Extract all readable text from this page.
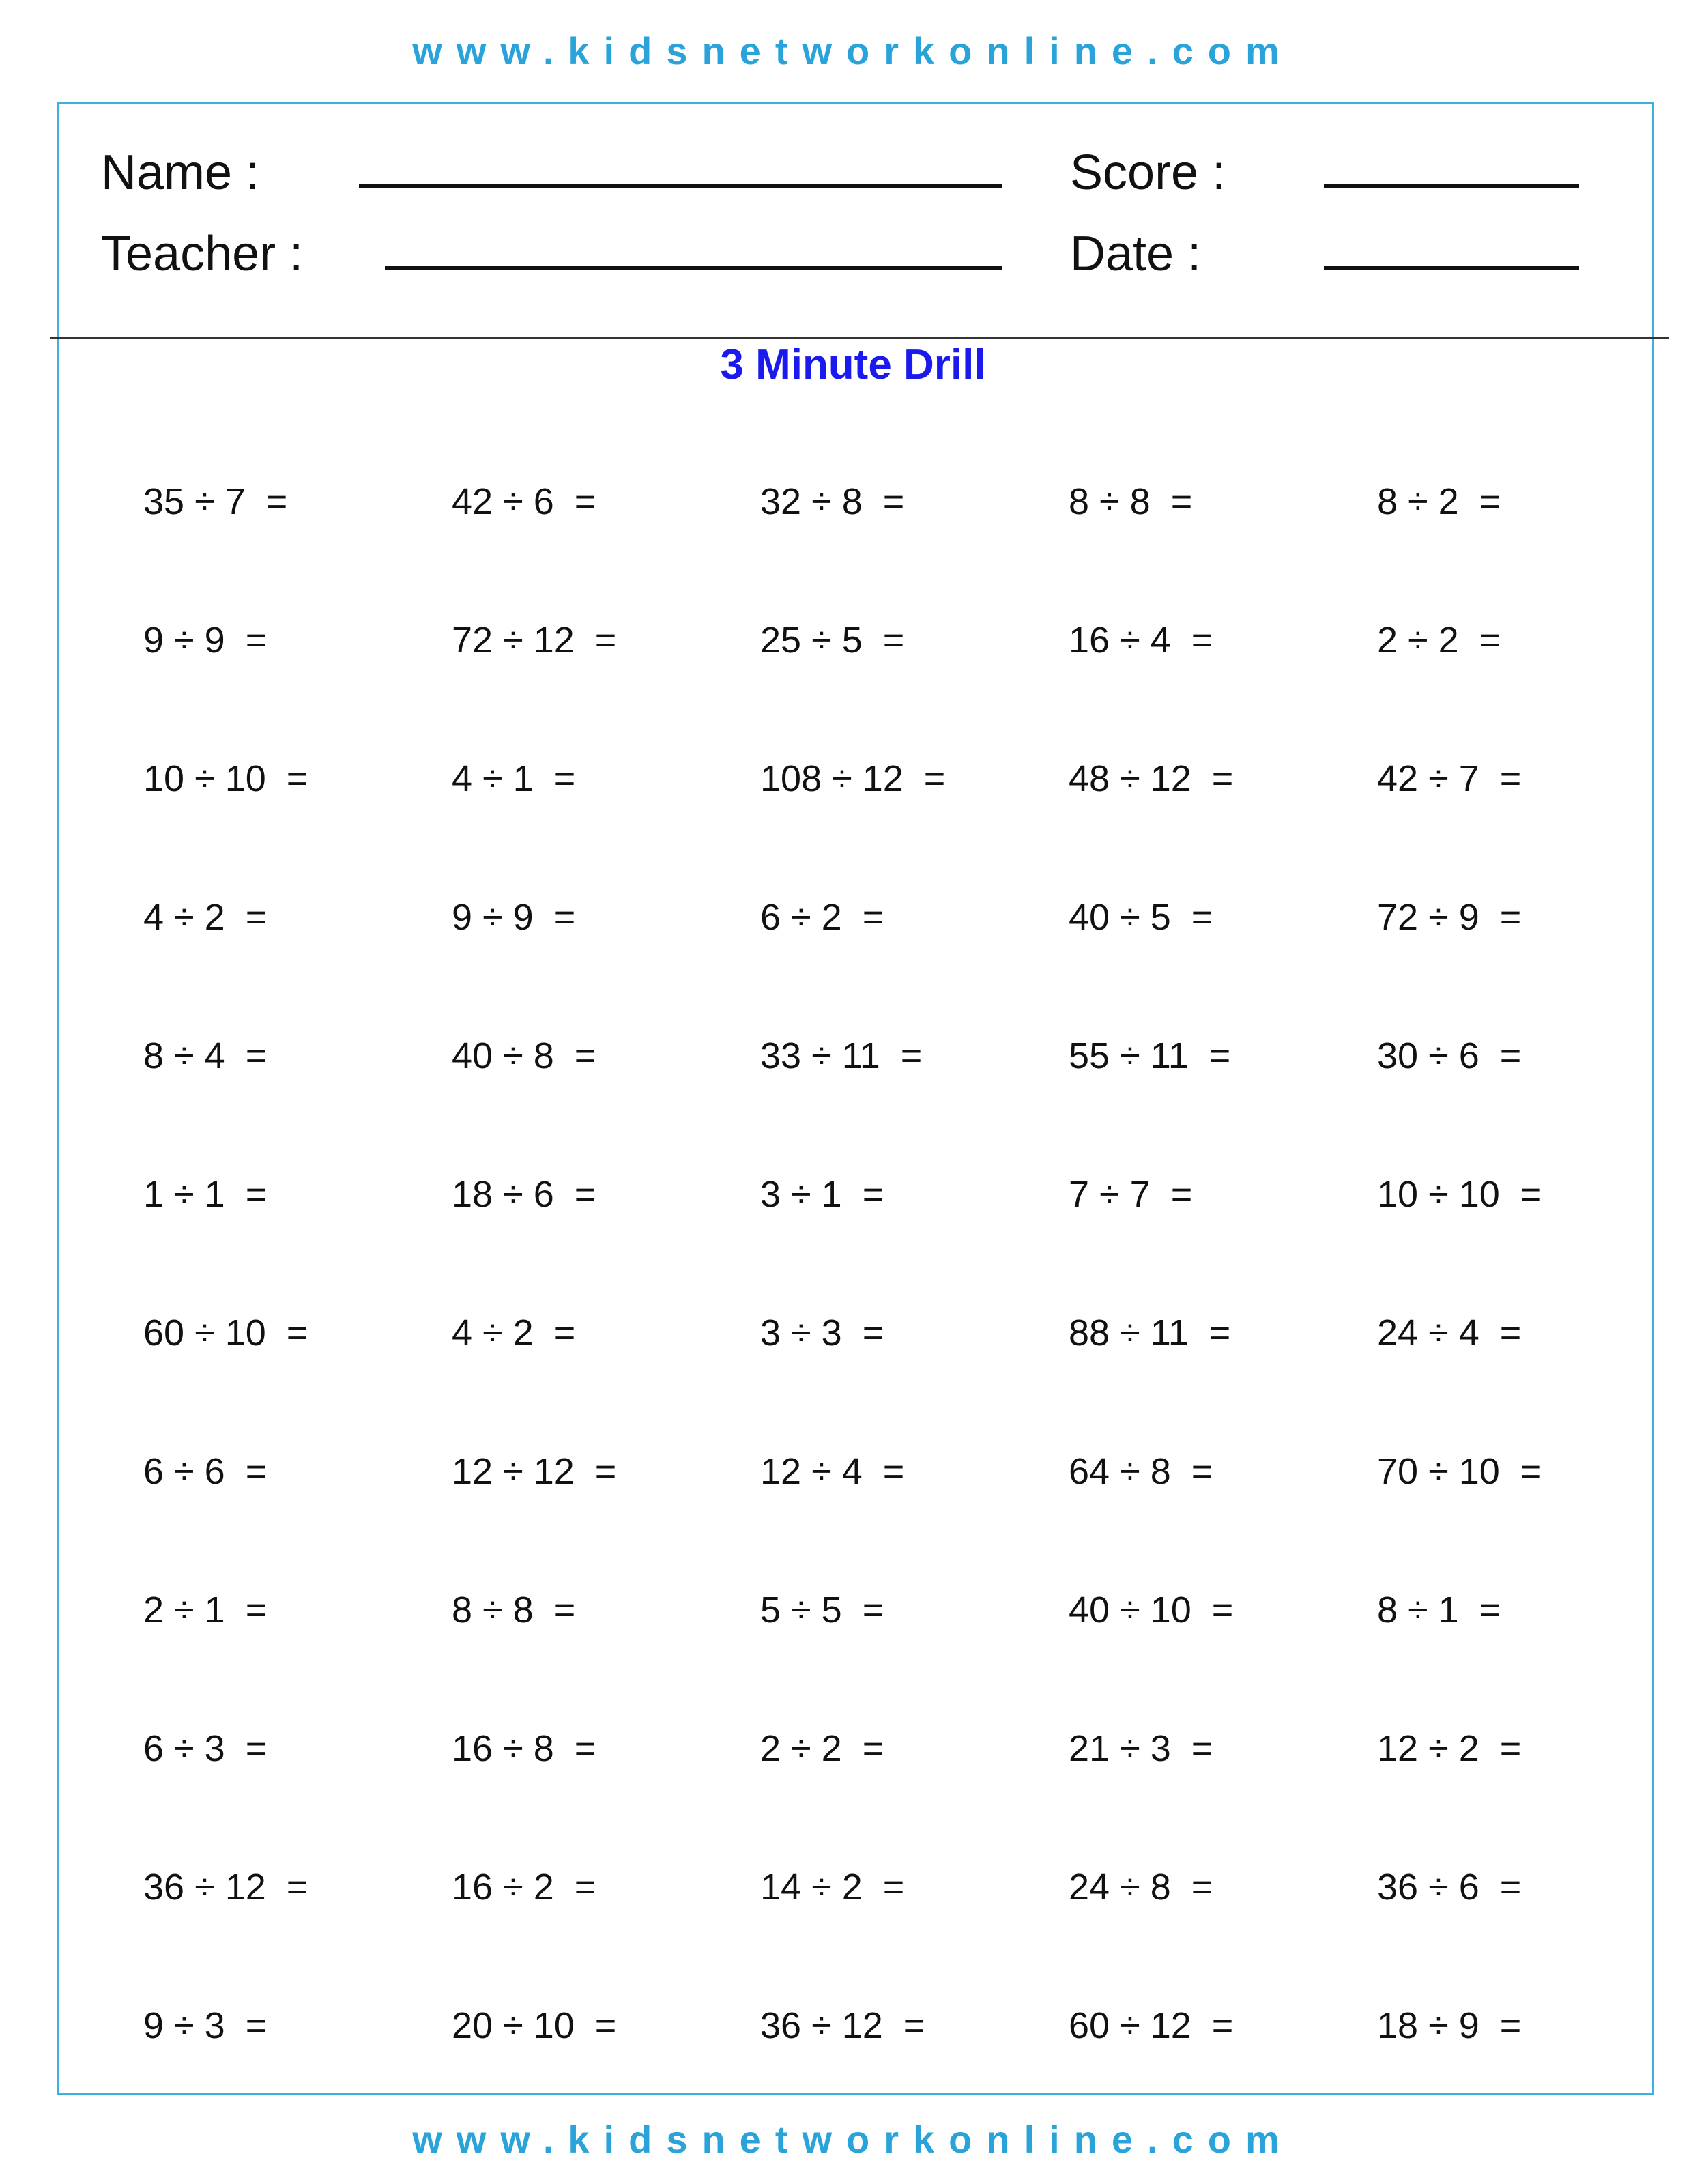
www.kidsnetworkonline.com
Name :
Teacher :
Score :
Date :
3 Minute Drill
35 ÷ 7  =	42 ÷ 6  =	32 ÷ 8  =	8 ÷ 8  =	8 ÷ 2  =
9 ÷ 9  =	72 ÷ 12  =	25 ÷ 5  =	16 ÷ 4  =	2 ÷ 2  =
10 ÷ 10  =	4 ÷ 1  =	108 ÷ 12  =	48 ÷ 12  =	42 ÷ 7  =
4 ÷ 2  =	9 ÷ 9  =	6 ÷ 2  =	40 ÷ 5  =	72 ÷ 9  =
8 ÷ 4  =	40 ÷ 8  =	33 ÷ 11  =	55 ÷ 11  =	30 ÷ 6  =
1 ÷ 1  =	18 ÷ 6  =	3 ÷ 1  =	7 ÷ 7  =	10 ÷ 10  =
60 ÷ 10  =	4 ÷ 2  =	3 ÷ 3  =	88 ÷ 11  =	24 ÷ 4  =
6 ÷ 6  =	12 ÷ 12  =	12 ÷ 4  =	64 ÷ 8  =	70 ÷ 10  =
2 ÷ 1  =	8 ÷ 8  =	5 ÷ 5  =	40 ÷ 10  =	8 ÷ 1  =
6 ÷ 3  =	16 ÷ 8  =	2 ÷ 2  =	21 ÷ 3  =	12 ÷ 2  =
36 ÷ 12  =	16 ÷ 2  =	14 ÷ 2  =	24 ÷ 8  =	36 ÷ 6  =
9 ÷ 3  =	20 ÷ 10  =	36 ÷ 12  =	60 ÷ 12  =	18 ÷ 9  =
www.kidsnetworkonline.com
